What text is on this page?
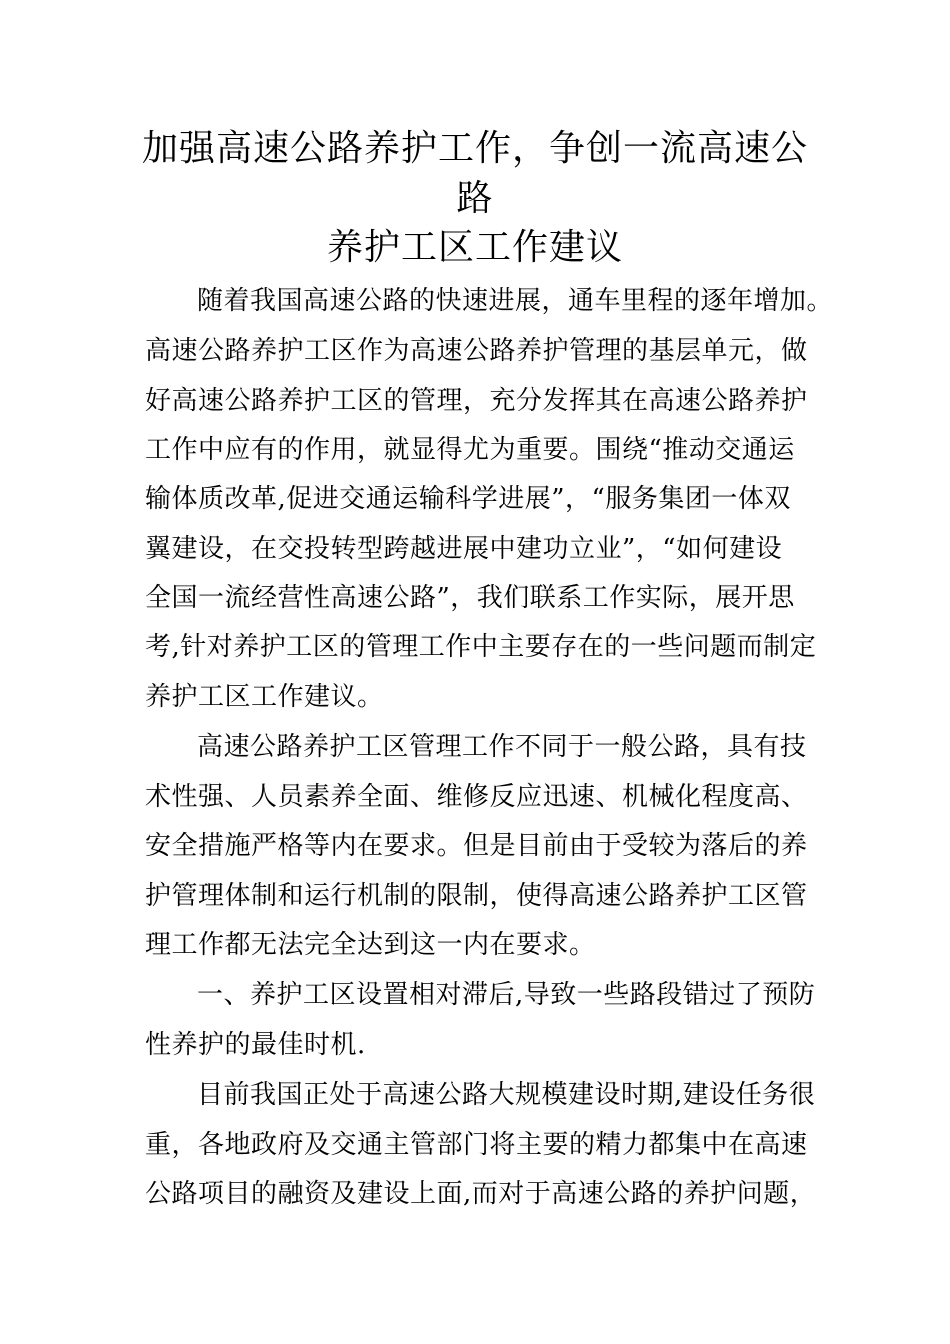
加强高速公路养护工作，争创一流高速公
路
养护工区工作建议
随着我国高速公路的快速进展，通车里程的逐年增加。
高速公路养护工区作为高速公路养护管理的基层单元，做
好高速公路养护工区的管理，充分发挥其在高速公路养护
工作中应有的作用，就显得尤为重要。围绕“推动交通运
输体质改革,促进交通运输科学进展”，“服务集团一体双
翼建设，在交投转型跨越进展中建功立业”，“如何建设
全国一流经营性高速公路”，我们联系工作实际，展开思
考,针对养护工区的管理工作中主要存在的一些问题而制定
养护工区工作建议。
高速公路养护工区管理工作不同于一般公路，具有技
术性强、人员素养全面、维修反应迅速、机械化程度高、
安全措施严格等内在要求。但是目前由于受较为落后的养
护管理体制和运行机制的限制，使得高速公路养护工区管
理工作都无法完全达到这一内在要求。
一、养护工区设置相对滞后,导致一些路段错过了预防
性养护的最佳时机.
目前我国正处于高速公路大规模建设时期,建设任务很
重，各地政府及交通主管部门将主要的精力都集中在高速
公路项目的融资及建设上面,而对于高速公路的养护问题，
